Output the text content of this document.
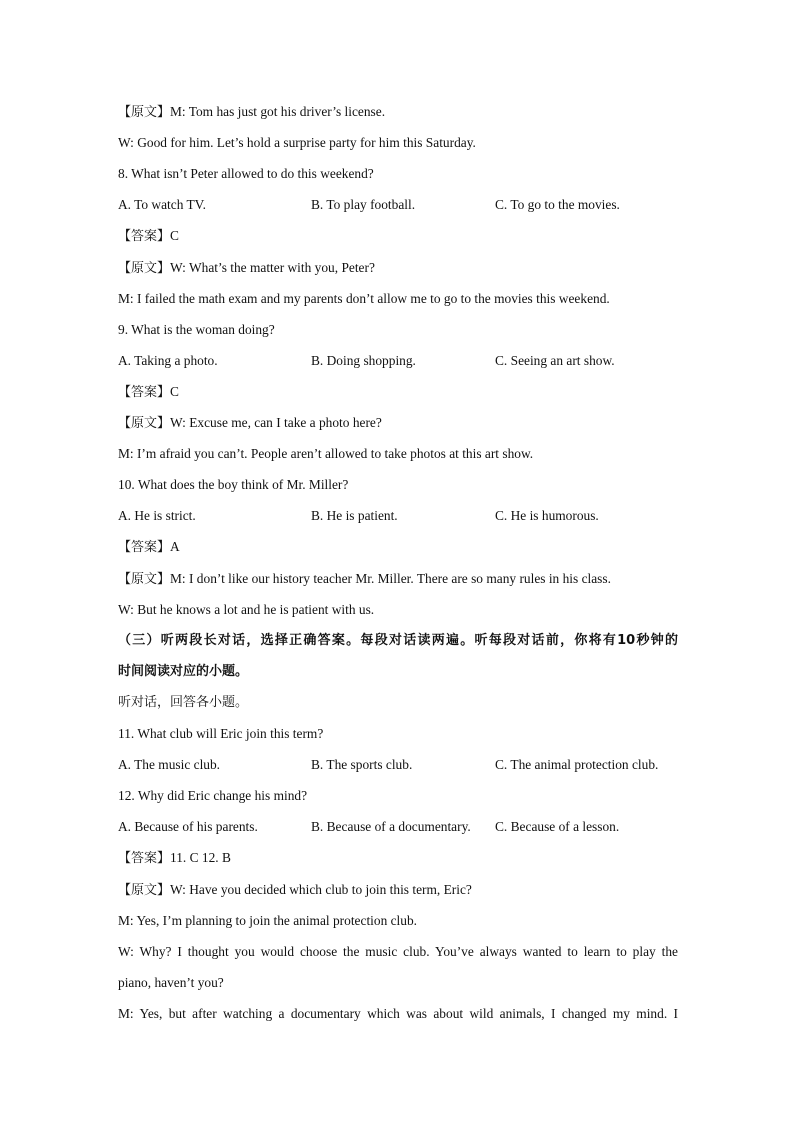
【原文】M: Tom has just got his driver’s license.
W: Good for him. Let’s hold a surprise party for him this Saturday.
8. What isn’t Peter allowed to do this weekend?
A. To watch TV.	B. To play football.	C. To go to the movies.
【答案】C
【原文】W: What’s the matter with you, Peter?
M: I failed the math exam and my parents don’t allow me to go to the movies this weekend.
9. What is the woman doing?
A. Taking a photo.	B. Doing shopping.	C. Seeing an art show.
【答案】C
【原文】W: Excuse me, can I take a photo here?
M: I’m afraid you can’t. People aren’t allowed to take photos at this art show.
10. What does the boy think of Mr. Miller?
A. He is strict.	B. He is patient.	C. He is humorous.
【答案】A
【原文】M: I don’t like our history teacher Mr. Miller. There are so many rules in his class.
W: But he knows a lot and he is patient with us.
（三）听两段长对话，选择正确答案。每段对话读两遍。听每段对话前，你将有10秒钟的
时间阅读对应的小题。
听对话，回答各小题。
11. What club will Eric join this term?
A. The music club.	B. The sports club.	C. The animal protection club.
12. Why did Eric change his mind?
A. Because of his parents.	B. Because of a documentary. C. Because of a lesson.
【答案】11. C 12. B
【原文】W: Have you decided which club to join this term, Eric?
M: Yes, I’m planning to join the animal protection club.
W: Why? I thought you would choose the music club. You’ve always wanted to learn to play the
piano, haven’t you?
M: Yes, but after watching a documentary which was about wild animals, I changed my mind. I
